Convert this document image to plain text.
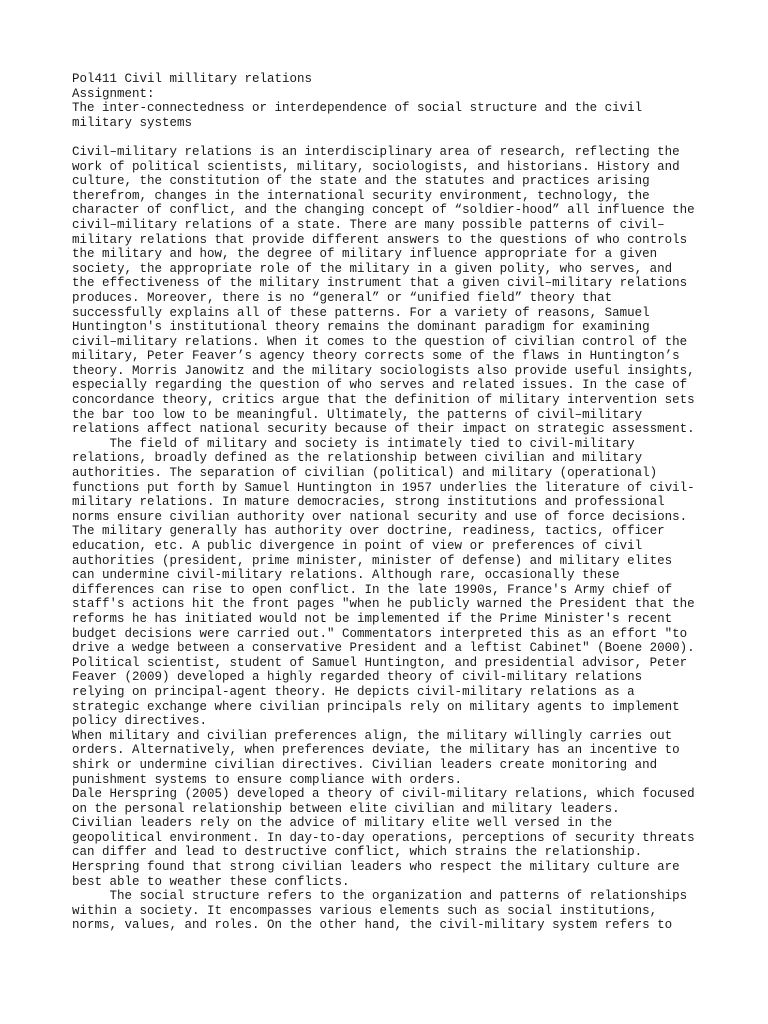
Pol411 Civil millitary relations
Assignment:
The inter-connectedness or interdependence of social structure and the civil
military systems
Civil–military relations is an interdisciplinary area of research, reflecting the
work of political scientists, military, sociologists, and historians. History and
culture, the constitution of the state and the statutes and practices arising
therefrom, changes in the international security environment, technology, the
character of conflict, and the changing concept of “soldier-hood” all influence the
civil–military relations of a state. There are many possible patterns of civil–
military relations that provide different answers to the questions of who controls
the military and how, the degree of military influence appropriate for a given
society, the appropriate role of the military in a given polity, who serves, and
the effectiveness of the military instrument that a given civil–military relations
produces. Moreover, there is no “general” or “unified field” theory that
successfully explains all of these patterns. For a variety of reasons, Samuel
Huntington's institutional theory remains the dominant paradigm for examining
civil–military relations. When it comes to the question of civilian control of the
military, Peter Feaver’s agency theory corrects some of the flaws in Huntington’s
theory. Morris Janowitz and the military sociologists also provide useful insights,
especially regarding the question of who serves and related issues. In the case of
concordance theory, critics argue that the definition of military intervention sets
the bar too low to be meaningful. Ultimately, the patterns of civil–military
relations affect national security because of their impact on strategic assessment.
The field of military and society is intimately tied to civil-military
relations, broadly defined as the relationship between civilian and military
authorities. The separation of civilian (political) and military (operational)
functions put forth by Samuel Huntington in 1957 underlies the literature of civil-
military relations. In mature democracies, strong institutions and professional
norms ensure civilian authority over national security and use of force decisions.
The military generally has authority over doctrine, readiness, tactics, officer
education, etc. A public divergence in point of view or preferences of civil
authorities (president, prime minister, minister of defense) and military elites
can undermine civil-military relations. Although rare, occasionally these
differences can rise to open conflict. In the late 1990s, France's Army chief of
staff's actions hit the front pages "when he publicly warned the President that the
reforms he has initiated would not be implemented if the Prime Minister's recent
budget decisions were carried out." Commentators interpreted this as an effort "to
drive a wedge between a conservative President and a leftist Cabinet" (Boene 2000).
Political scientist, student of Samuel Huntington, and presidential advisor, Peter
Feaver (2009) developed a highly regarded theory of civil-military relations
relying on principal-agent theory. He depicts civil-military relations as a
strategic exchange where civilian principals rely on military agents to implement
policy directives.
When military and civilian preferences align, the military willingly carries out
orders. Alternatively, when preferences deviate, the military has an incentive to
shirk or undermine civilian directives. Civilian leaders create monitoring and
punishment systems to ensure compliance with orders.
Dale Herspring (2005) developed a theory of civil-military relations, which focused
on the personal relationship between elite civilian and military leaders.
Civilian leaders rely on the advice of military elite well versed in the
geopolitical environment. In day-to-day operations, perceptions of security threats
can differ and lead to destructive conflict, which strains the relationship.
Herspring found that strong civilian leaders who respect the military culture are
best able to weather these conflicts.
The social structure refers to the organization and patterns of relationships
within a society. It encompasses various elements such as social institutions,
norms, values, and roles. On the other hand, the civil-military system refers to
